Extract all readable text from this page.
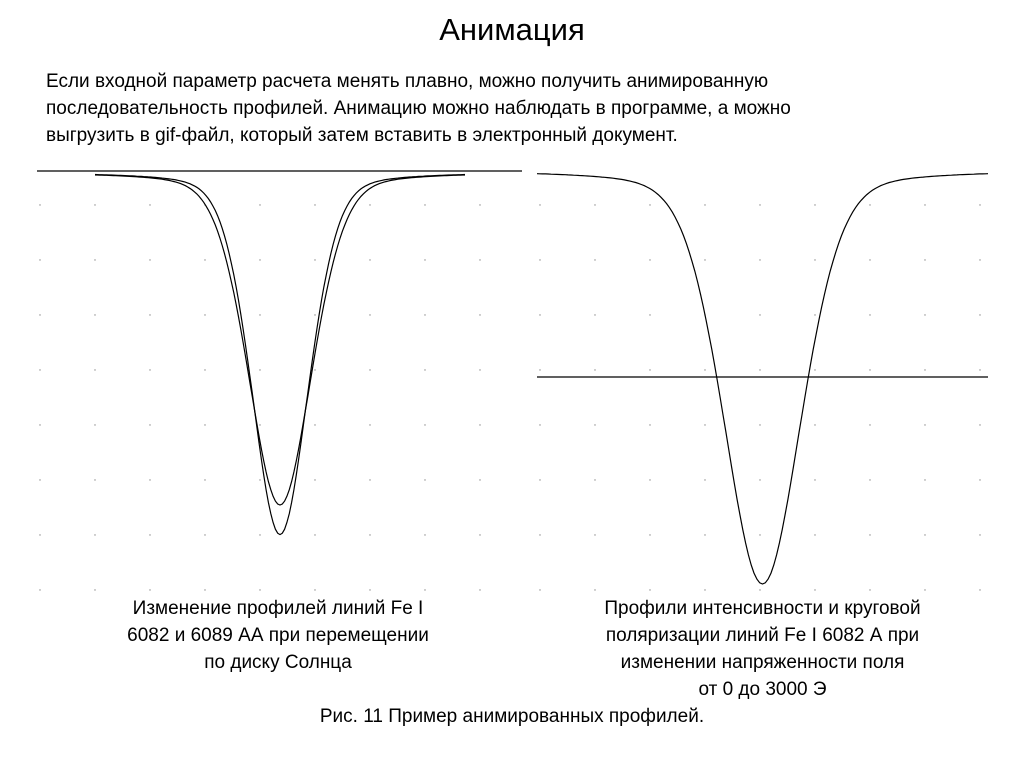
Анимация
Если входной параметр расчета менять плавно, можно получить анимированную
последовательность профилей. Анимацию можно наблюдать в программе, а можно
выгрузить в gif-файл, который затем вставить в электронный документ.
Изменение профилей линий Fe I
6082 и 6089 АА при перемещении
по диску Солнца
Профили интенсивности и круговой
поляризации линий Fe I 6082 А при
изменении напряженности поля
от 0 до 3000 Э
Рис. 11 Пример анимированных профилей.
